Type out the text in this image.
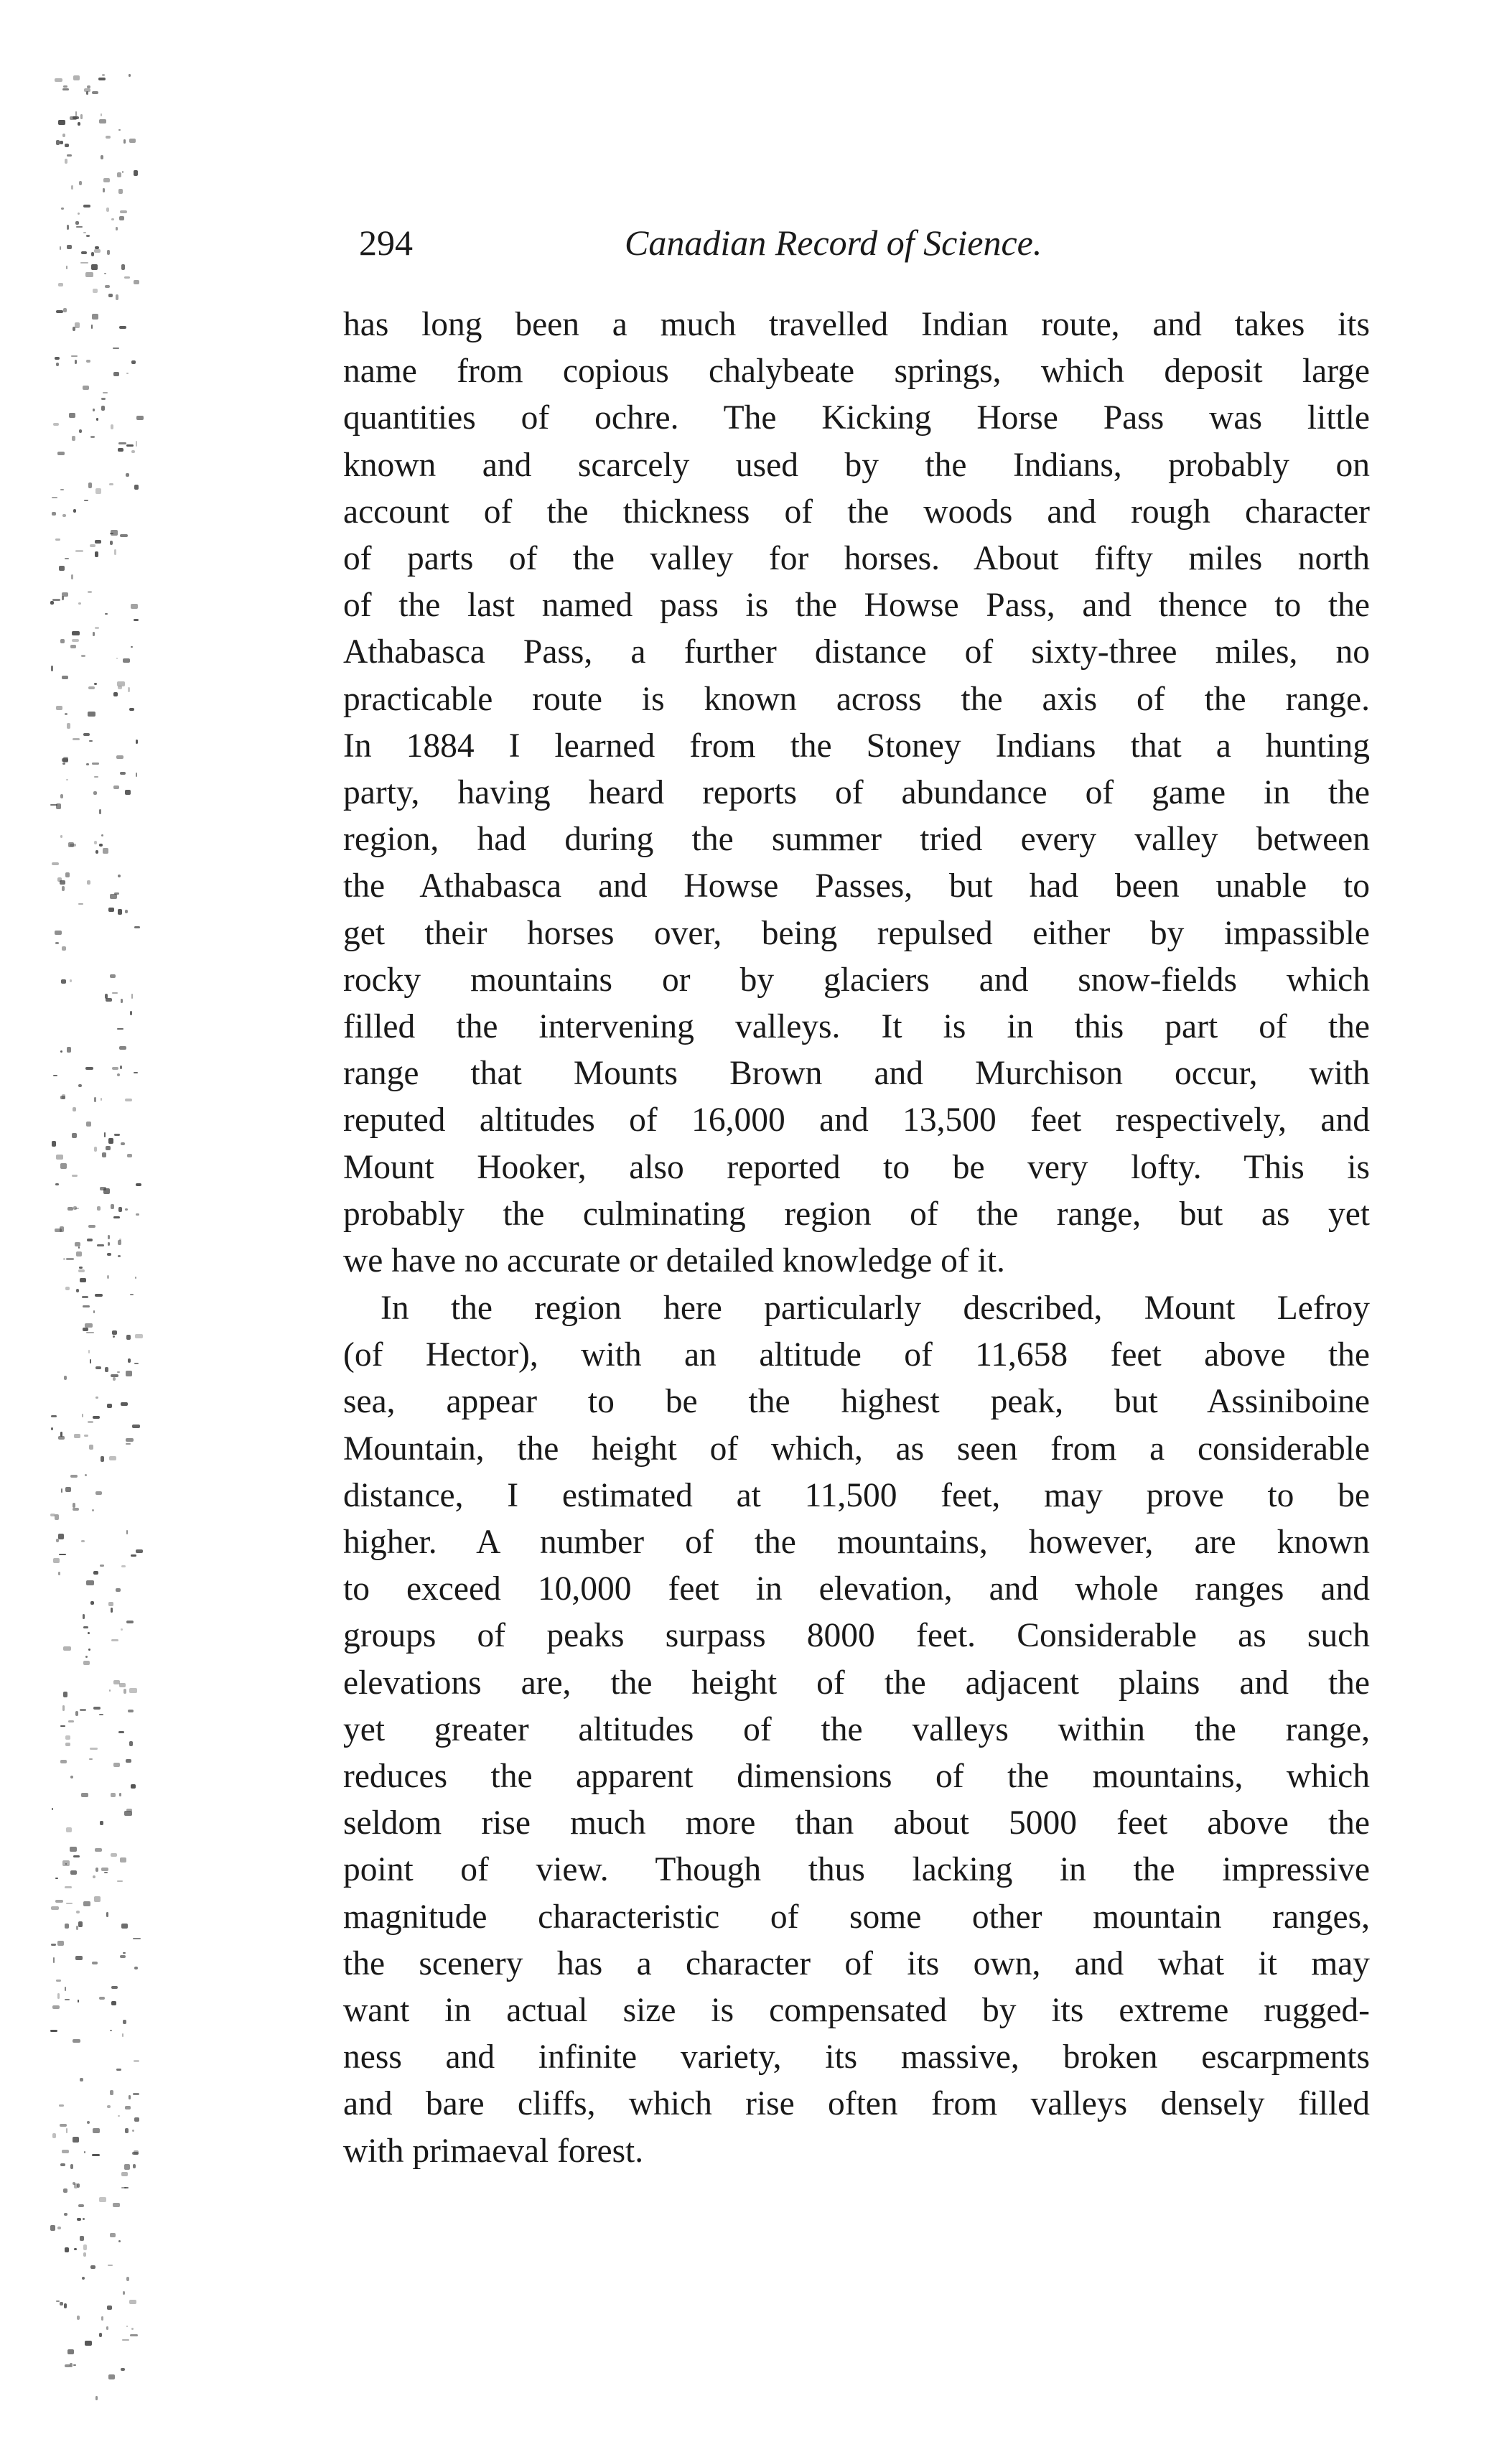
294	Canadian Record of Science.
has long been a much travelled Indian route, and takes its
name from copious chalybeate springs, which deposit large
quantities of ochre. The Kicking Horse Pass was little
known and scarcely used by the Indians, probably on
account of the thickness of the woods and rough character
of parts of the valley for horses. About fifty miles north
of the last named pass is the Howse Pass, and thence to the
Athabasca Pass, a further distance of sixty-three miles, no
practicable route is known across the axis of the range.
In 1884 I learned from the Stoney Indians that a hunting
party, having heard reports of abundance of game in the
region, had during the summer tried every valley between
the Athabasca and Howse Passes, but had been unable to
get their horses over, being repulsed either by impassible
rocky mountains or by glaciers and snow-fields which
filled the intervening valleys. It is in this part of the
range that Mounts Brown and Murchison occur, with
reputed altitudes of 16,000 and 13,500 feet respectively, and
Mount Hooker, also reported to be very lofty. This is
probably the culminating region of the range, but as yet
we have no accurate or detailed knowledge of it.
In the region here particularly described, Mount Lefroy
(of Hector), with an altitude of 11,658 feet above the
sea, appear to be the highest peak, but Assiniboine
Mountain, the height of which, as seen from a considerable
distance, I estimated at 11,500 feet, may prove to be
higher. A number of the mountains, however, are known
to exceed 10,000 feet in elevation, and whole ranges and
groups of peaks surpass 8000 feet. Considerable as such
elevations are, the height of the adjacent plains and the
yet greater altitudes of the valleys within the range,
reduces the apparent dimensions of the mountains, which
seldom rise much more than about 5000 feet above the
point of view. Though thus lacking in the impressive
magnitude characteristic of some other mountain ranges,
the scenery has a character of its own, and what it may
want in actual size is compensated by its extreme rugged-
ness and infinite variety, its massive, broken escarpments
and bare cliffs, which rise often from valleys densely filled
with primaeval forest.
